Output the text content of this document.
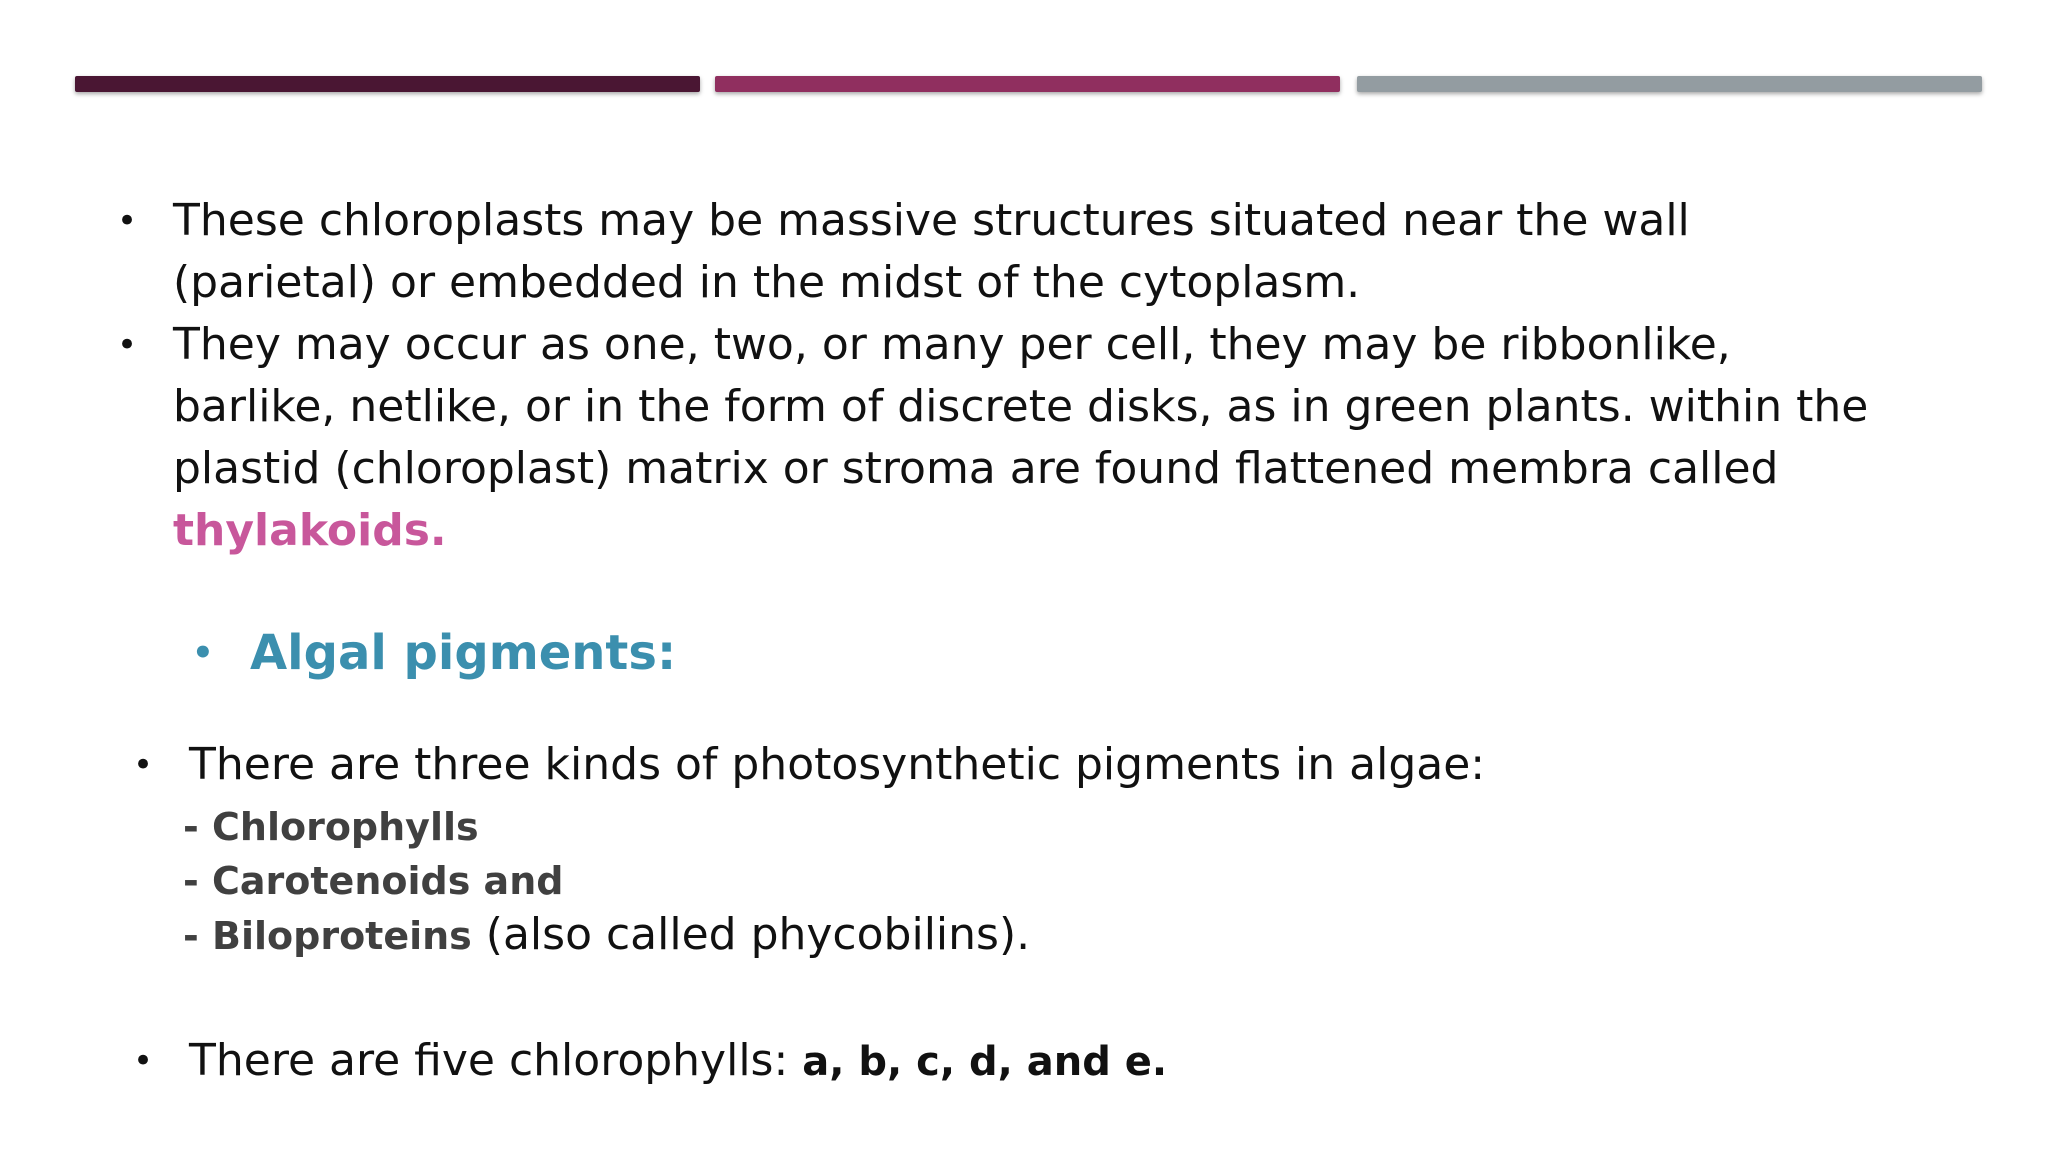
• These chloroplasts may be massive structures situated near the wall (parietal) or embedded in the midst of the cytoplasm.
• They may occur as one, two, or many per cell, they may be ribbonlike, barlike, netlike, or in the form of discrete disks, as in green plants. within the plastid (chloroplast) matrix or stroma are found flattened membra called
thylakoids.
• Algal pigments:
• There are three kinds of photosynthetic pigments in algae:
- Chlorophylls
- Carotenoids and
- Biloproteins (also called phycobilins).
• There are five chlorophylls: a, b, c, d, and e.
